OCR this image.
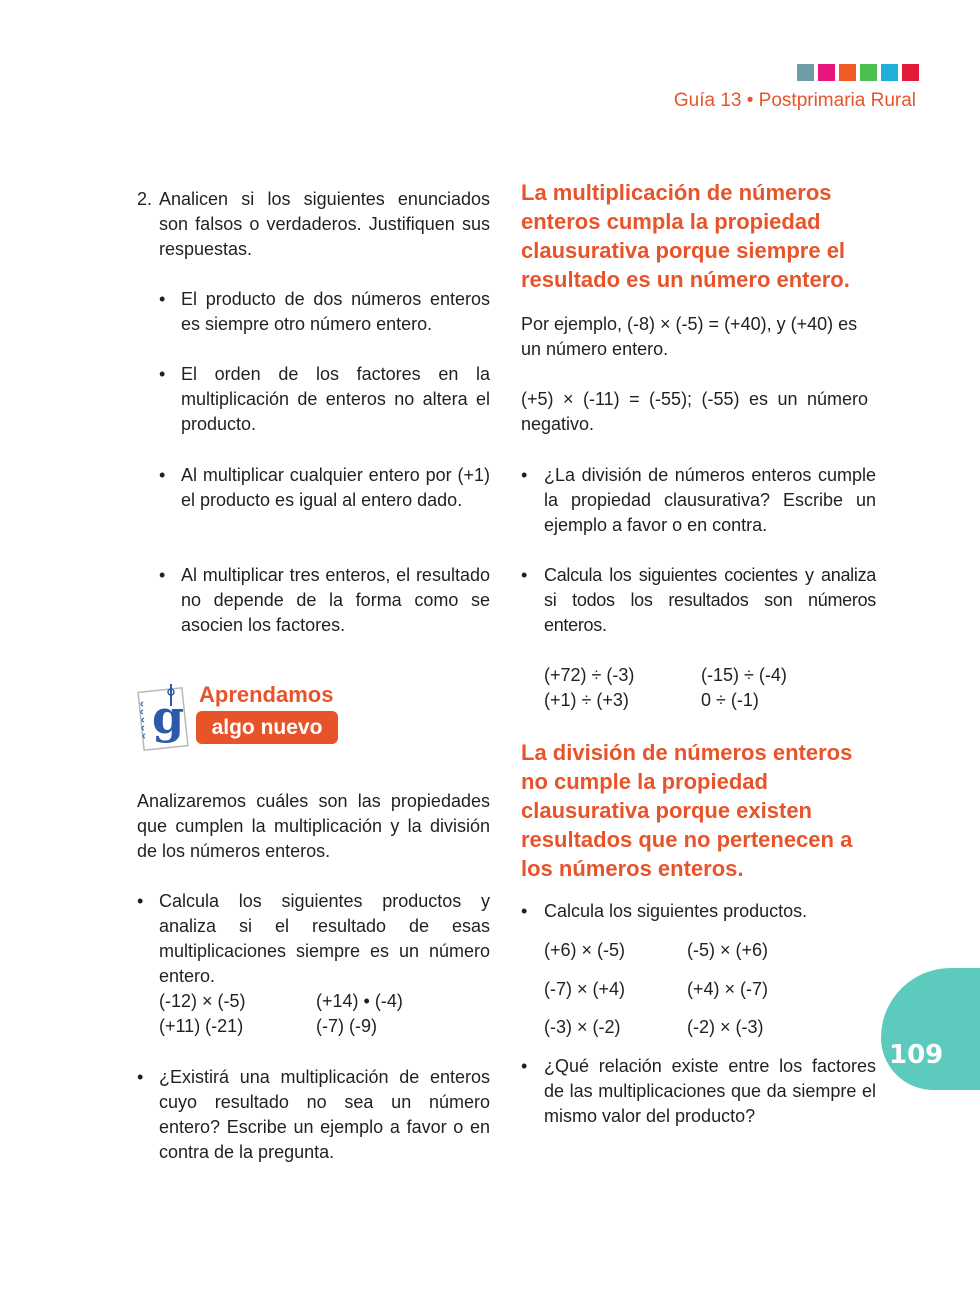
Guía 13 • Postprimaria Rural
2. Analicen si los siguientes enunciados son falsos o verdaderos. Justifiquen sus respuestas.
• El producto de dos números enteros es siempre otro número entero.
• El orden de los factores en la multiplicación de enteros no altera el producto.
• Al multiplicar cualquier entero por (+1) el producto es igual al entero dado.
• Al multiplicar tres enteros, el resultado no depende de la forma como se asocien los factores.
g Aprendamos
algo nuevo
Analizaremos cuáles son las propiedades que cumplen la multiplicación y la división de los números enteros.
• Calcula los siguientes productos y analiza si el resultado de esas multiplicaciones siempre es un número entero.
(-12) × (-5)	(+14) • (-4)
(+11) (-21)	(-7) (-9)
• ¿Existirá una multiplicación de enteros cuyo resultado no sea un número entero? Escribe un ejemplo a favor o en contra de la pregunta.
La multiplicación de números enteros cumpla la propiedad clausurativa porque siempre el resultado es un número entero.
Por ejemplo, (-8) × (-5) = (+40), y (+40) es un número entero.
(+5) × (-11) = (-55); (-55) es un número negativo.
• ¿La división de números enteros cumple la propiedad clausurativa? Escribe un ejemplo a favor o en contra.
• Calcula los siguientes cocientes y analiza si todos los resultados son números enteros.
(+72) ÷ (-3)	(-15) ÷ (-4)
(+1) ÷ (+3)	0 ÷ (-1)
La división de números enteros no cumple la propiedad clausurativa porque existen resultados que no pertenecen a los números enteros.
• Calcula los siguientes productos.
(+6) × (-5)	(-5) × (+6)
(-7) × (+4)	(+4) × (-7)
(-3) × (-2)	(-2) × (-3)
• ¿Qué relación existe entre los factores de las multiplicaciones que da siempre el mismo valor del producto?
109
